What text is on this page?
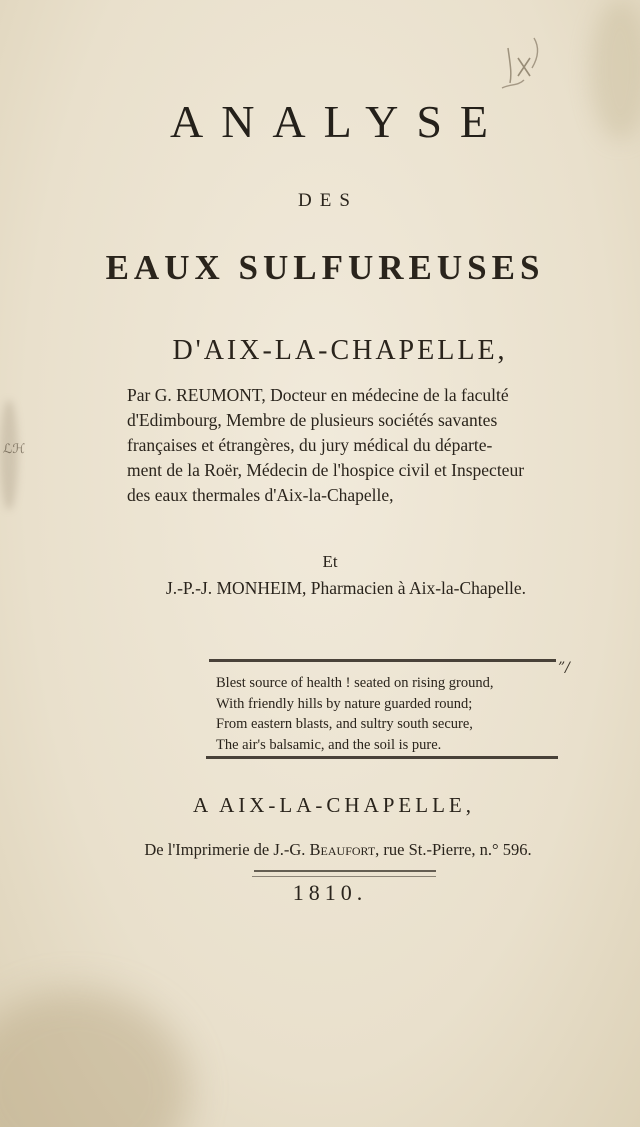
ℒℋ
ANALYSE
DES
EAUX SULFUREUSES
D'AIX-LA-CHAPELLE,
Par G. REUMONT, Docteur en médecine de la faculté
d'Edimbourg, Membre de plusieurs sociétés savantes
françaises et étrangères, du jury médical du départe-
ment de la Roër, Médecin de l'hospice civil et Inspecteur
des eaux thermales d'Aix-la-Chapelle,
Et
J.-P.-J. MONHEIM, Pharmacien à Aix-la-Chapelle.
Blest source of health ! seated on rising ground,
With friendly hills by nature guarded round;
From eastern blasts, and sultry south secure,
The air's balsamic, and the soil is pure.
”/
A AIX-LA-CHAPELLE,
De l'Imprimerie de J.-G. Beaufort, rue St.-Pierre, n.° 596.
1810.
